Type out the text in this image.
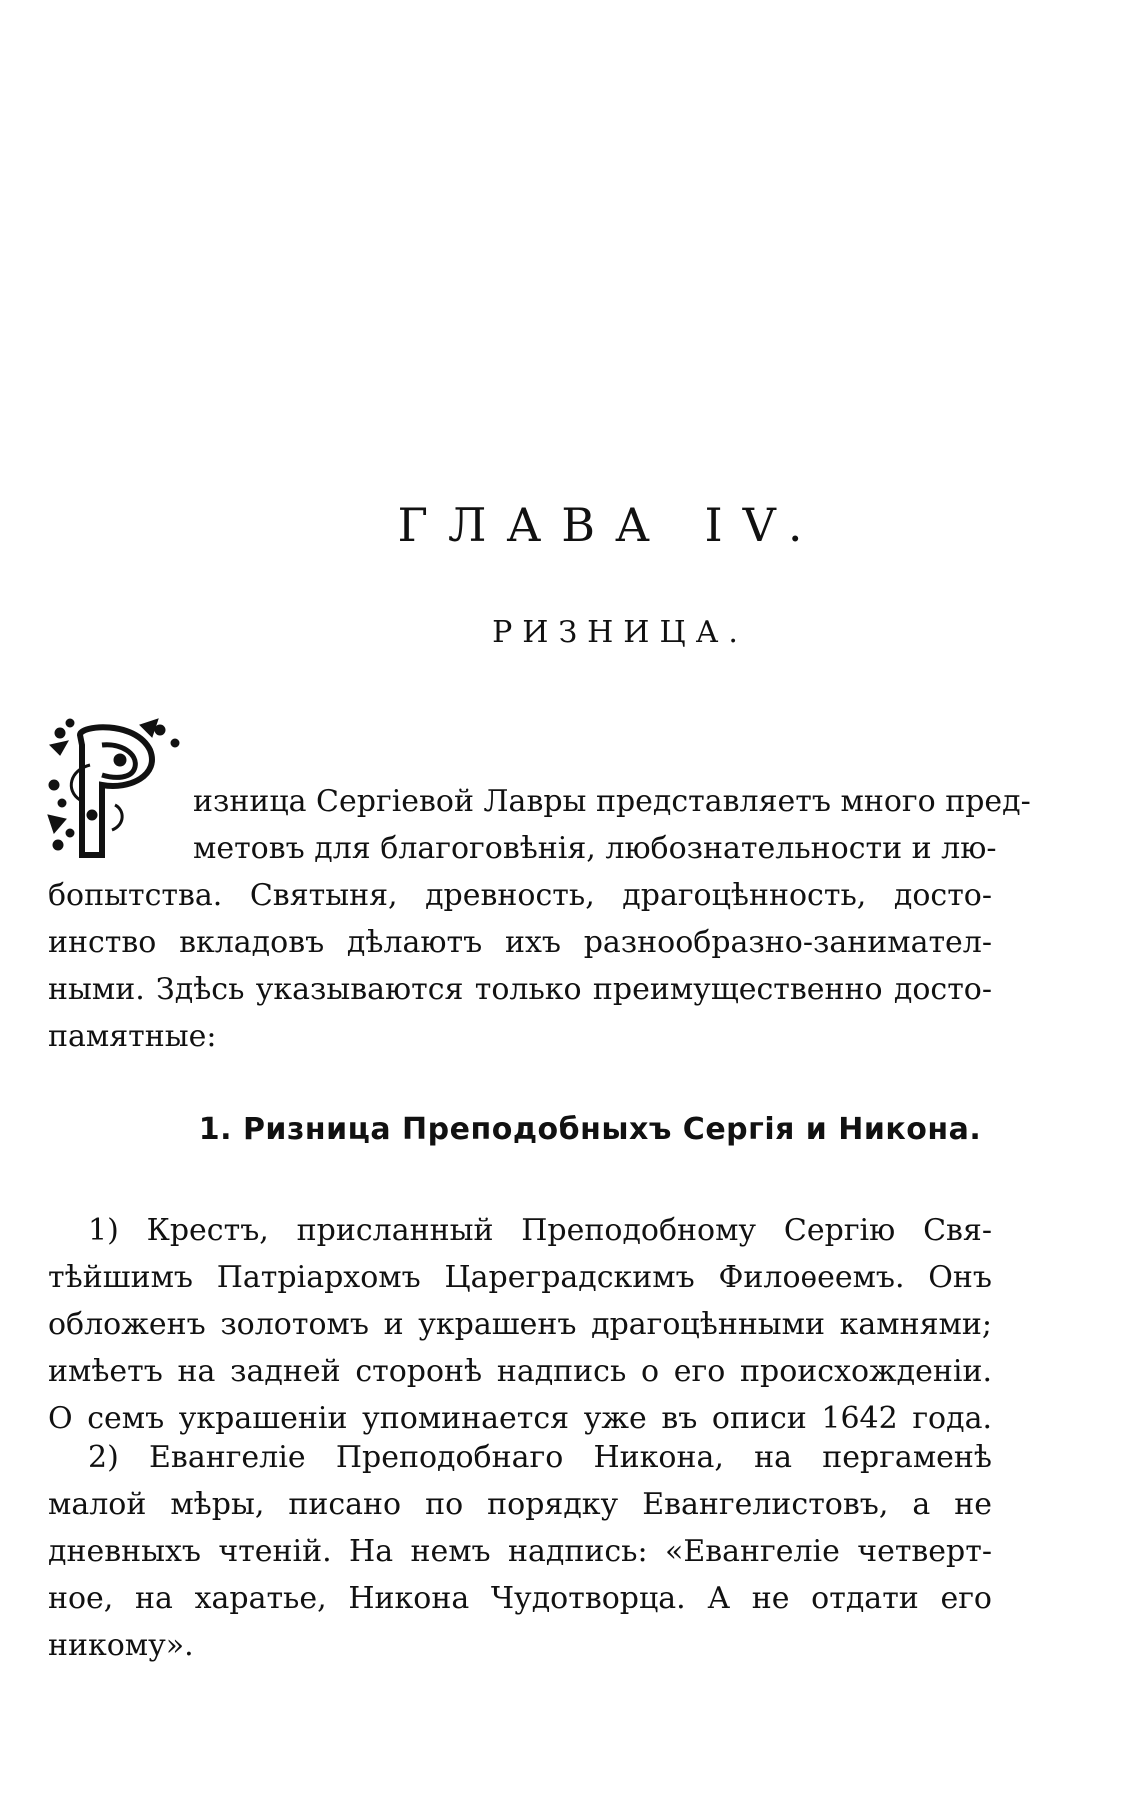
ГЛАВА IV.
РИЗНИЦА.
изница Сергіевой Лавры представляетъ много пред-
метовъ для благоговѣнія, любознательности и лю-
бопытства. Святыня, древность, драгоцѣнность, досто-
инство вкладовъ дѣлаютъ ихъ разнообразно-занимател-
ными. Здѣсь указываются только преимущественно досто-
памятные:
1. Ризница Преподобныхъ Сергія и Никона.
1) Крестъ, присланный Преподобному Сергію Свя-
тѣйшимъ Патріархомъ Цареградскимъ Филоѳеемъ. Онъ
обложенъ золотомъ и украшенъ драгоцѣнными камнями;
имѣетъ на задней сторонѣ надпись о его происхожденіи.
О семъ украшеніи упоминается уже въ описи 1642 года.
2) Евангеліе Преподобнаго Никона, на пергаменѣ
малой мѣры, писано по порядку Евангелистовъ, а не
дневныхъ чтеній. На немъ надпись: «Евангеліе четверт-
ное, на харатье, Никона Чудотворца. А не отдати его
никому».
